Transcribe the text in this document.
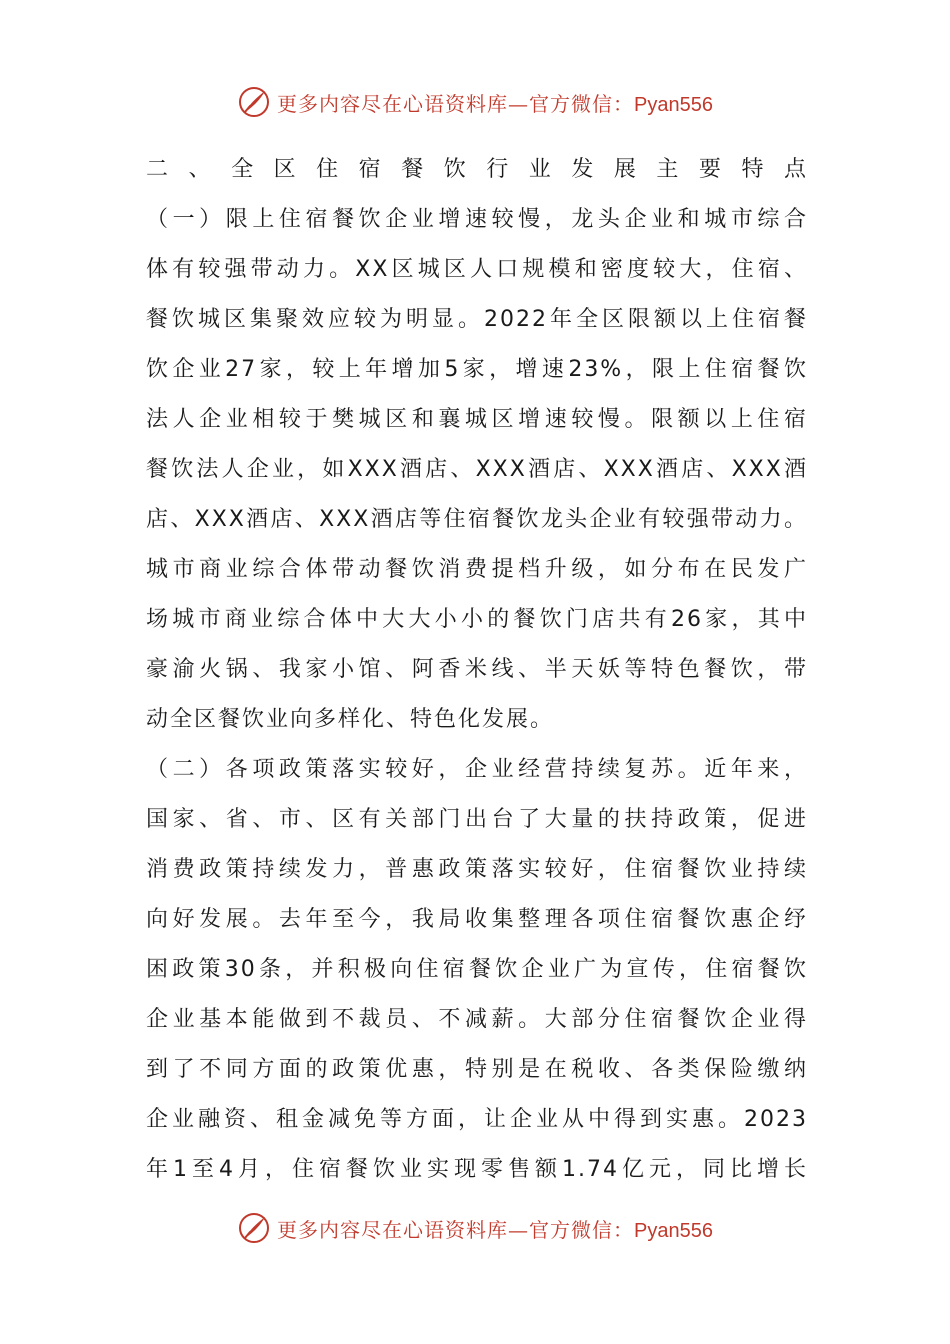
更多内容尽在心语资料库—官方微信：Pyan556
二、全区住宿餐饮行业发展主要特点
（一）限上住宿餐饮企业增速较慢，龙头企业和城市综合
体有较强带动力。XX区城区人口规模和密度较大，住宿、
餐饮城区集聚效应较为明显。2022年全区限额以上住宿餐
饮企业27家，较上年增加5家，增速23%，限上住宿餐饮
法人企业相较于樊城区和襄城区增速较慢。限额以上住宿
餐饮法人企业，如XXX酒店、XXX酒店、XXX酒店、XXX酒
店、XXX酒店、XXX酒店等住宿餐饮龙头企业有较强带动力。
城市商业综合体带动餐饮消费提档升级，如分布在民发广
场城市商业综合体中大大小小的餐饮门店共有26家，其中
豪渝火锅、我家小馆、阿香米线、半天妖等特色餐饮，带
动全区餐饮业向多样化、特色化发展。
（二）各项政策落实较好，企业经营持续复苏。近年来，
国家、省、市、区有关部门出台了大量的扶持政策，促进
消费政策持续发力，普惠政策落实较好，住宿餐饮业持续
向好发展。去年至今，我局收集整理各项住宿餐饮惠企纾
困政策30条，并积极向住宿餐饮企业广为宣传，住宿餐饮
企业基本能做到不裁员、不减薪。大部分住宿餐饮企业得
到了不同方面的政策优惠，特别是在税收、各类保险缴纳
企业融资、租金减免等方面，让企业从中得到实惠。2023
年1至4月，住宿餐饮业实现零售额1.74亿元，同比增长
更多内容尽在心语资料库—官方微信：Pyan556
